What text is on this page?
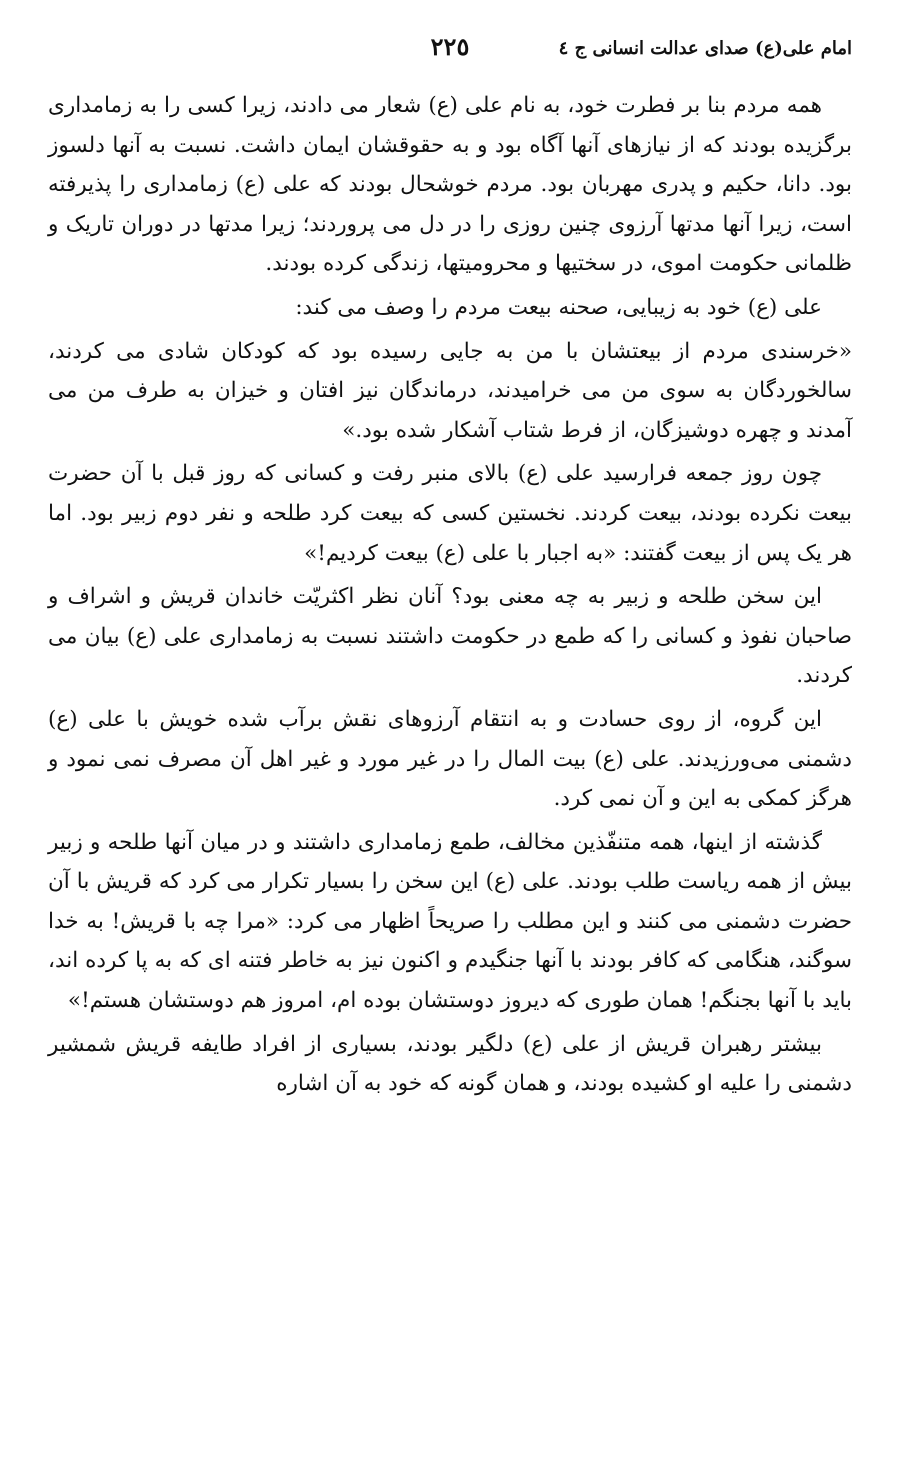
امام علی(ع) صدای عدالت انسانی ج ٤
٢٢٥

همه مردم بنا بر فطرت خود، به نام علی (ع) شعار می دادند، زیرا کسی را به زمامداری برگزیده بودند که از نیازهای آنها آگاه بود و به حقوقشان ایمان داشت. نسبت به آنها دلسوز بود. دانا، حکیم و پدری مهربان بود. مردم خوشحال بودند که علی (ع) زمامداری را پذیرفته است، زیرا آنها مدتها آرزوی چنین روزی را در دل می پروردند؛ زیرا مدتها در دوران تاریک و ظلمانی حکومت اموی، در سختیها و محرومیتها، زندگی کرده بودند.

علی (ع) خود به زیبایی، صحنه بیعت مردم را وصف می کند:

«خرسندی مردم از بیعتشان با من به جایی رسیده بود که کودکان شادی می کردند، سالخوردگان به سوی من می خرامیدند، درماندگان نیز افتان و خیزان به طرف من می آمدند و چهره دوشیزگان، از فرط شتاب آشکار شده بود.»

چون روز جمعه فرارسید علی (ع) بالای منبر رفت و کسانی که روز قبل با آن حضرت بیعت نکرده بودند، بیعت کردند. نخستین کسی که بیعت کرد طلحه و نفر دوم زبیر بود. اما هر یک پس از بیعت گفتند: «به اجبار با علی (ع) بیعت کردیم!»

این سخن طلحه و زبیر به چه معنی بود؟ آنان نظر اکثریّت خاندان قریش و اشراف و صاحبان نفوذ و کسانی را که طمع در حکومت داشتند نسبت به زمامداری علی (ع) بیان می کردند.

این گروه، از روی حسادت و به انتقام آرزوهای نقش برآب شده خویش با علی (ع) دشمنی می‌ورزیدند. علی (ع) بیت المال را در غیر مورد و غیر اهل آن مصرف نمی نمود و هرگز کمکی به این و آن نمی کرد.

گذشته از اینها، همه متنفّذین مخالف، طمع زمامداری داشتند و در میان آنها طلحه و زبیر بیش از همه ریاست طلب بودند. علی (ع) این سخن را بسیار تکرار می کرد که قریش با آن حضرت دشمنی می کنند و این مطلب را صریحاً اظهار می کرد: «مرا چه با قریش! به خدا سوگند، هنگامی که کافر بودند با آنها جنگیدم و اکنون نیز به خاطر فتنه ای که به پا کرده اند، باید با آنها بجنگم! همان طوری که دیروز دوستشان بوده ام، امروز هم دوستشان هستم!»

بیشتر رهبران قریش از علی (ع) دلگیر بودند، بسیاری از افراد طایفه قریش شمشیر دشمنی را علیه او کشیده بودند، و همان گونه که خود به آن اشاره
